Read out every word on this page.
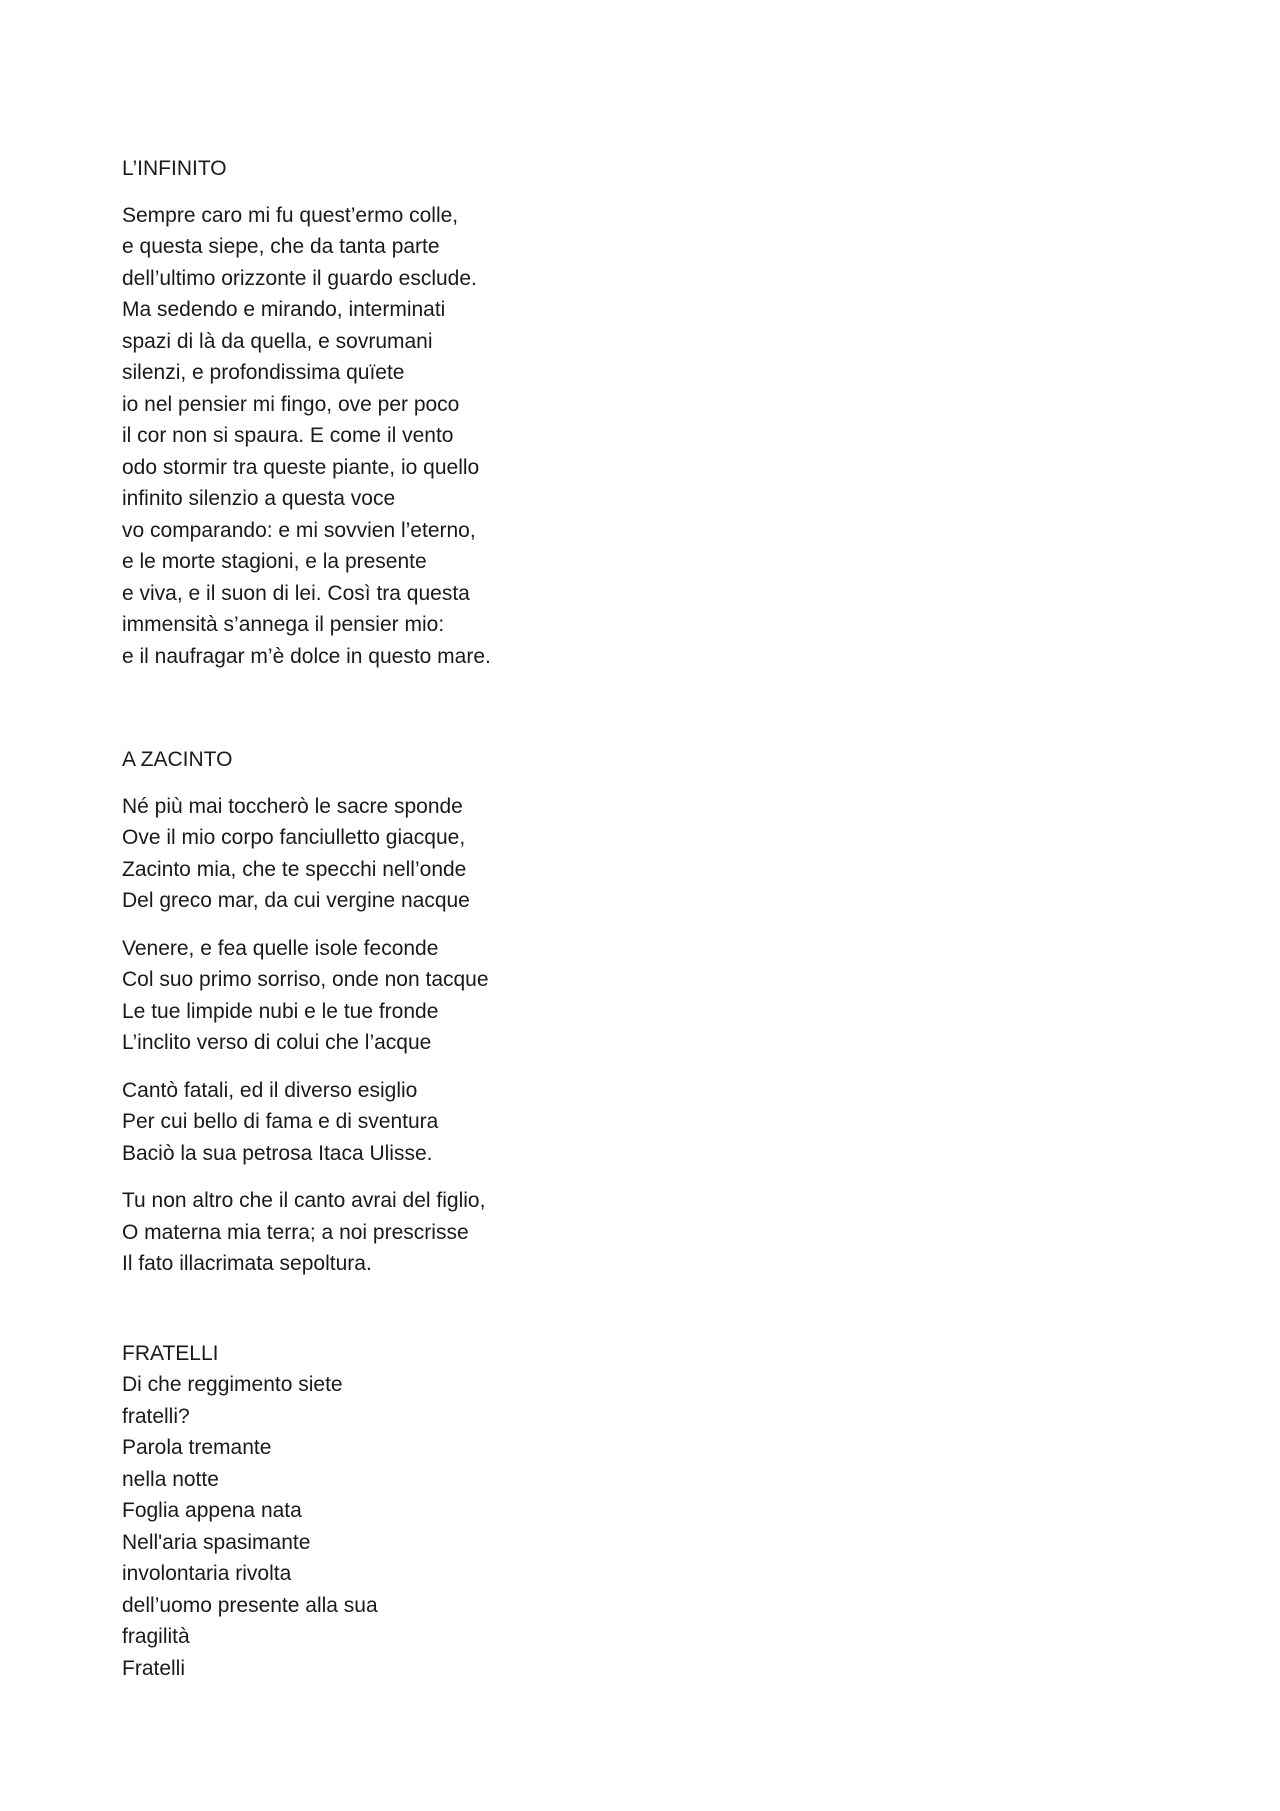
L’INFINITO
Sempre caro mi fu quest’ermo colle,
e questa siepe, che da tanta parte
dell’ultimo orizzonte il guardo esclude.
Ma sedendo e mirando, interminati
spazi di là da quella, e sovrumani
silenzi, e profondissima quïete
io nel pensier mi fingo, ove per poco
il cor non si spaura. E come il vento
odo stormir tra queste piante, io quello
infinito silenzio a questa voce
vo comparando: e mi sovvien l’eterno,
e le morte stagioni, e la presente
e viva, e il suon di lei. Così tra questa
immensità s’annega il pensier mio:
e il naufragar m’è dolce in questo mare.
A ZACINTO
Né più mai toccherò le sacre sponde
Ove il mio corpo fanciulletto giacque,
Zacinto mia, che te specchi nell’onde
Del greco mar, da cui vergine nacque
Venere, e fea quelle isole feconde
Col suo primo sorriso, onde non tacque
Le tue limpide nubi e le tue fronde
L’inclito verso di colui che l’acque
Cantò fatali, ed il diverso esiglio
Per cui bello di fama e di sventura
Baciò la sua petrosa Itaca Ulisse.
Tu non altro che il canto avrai del figlio,
O materna mia terra; a noi prescrisse
Il fato illacrimata sepoltura.
FRATELLI
Di che reggimento siete
fratelli?
Parola tremante
nella notte
Foglia appena nata
Nell'aria spasimante
involontaria rivolta
dell’uomo presente alla sua
fragilità
Fratelli
